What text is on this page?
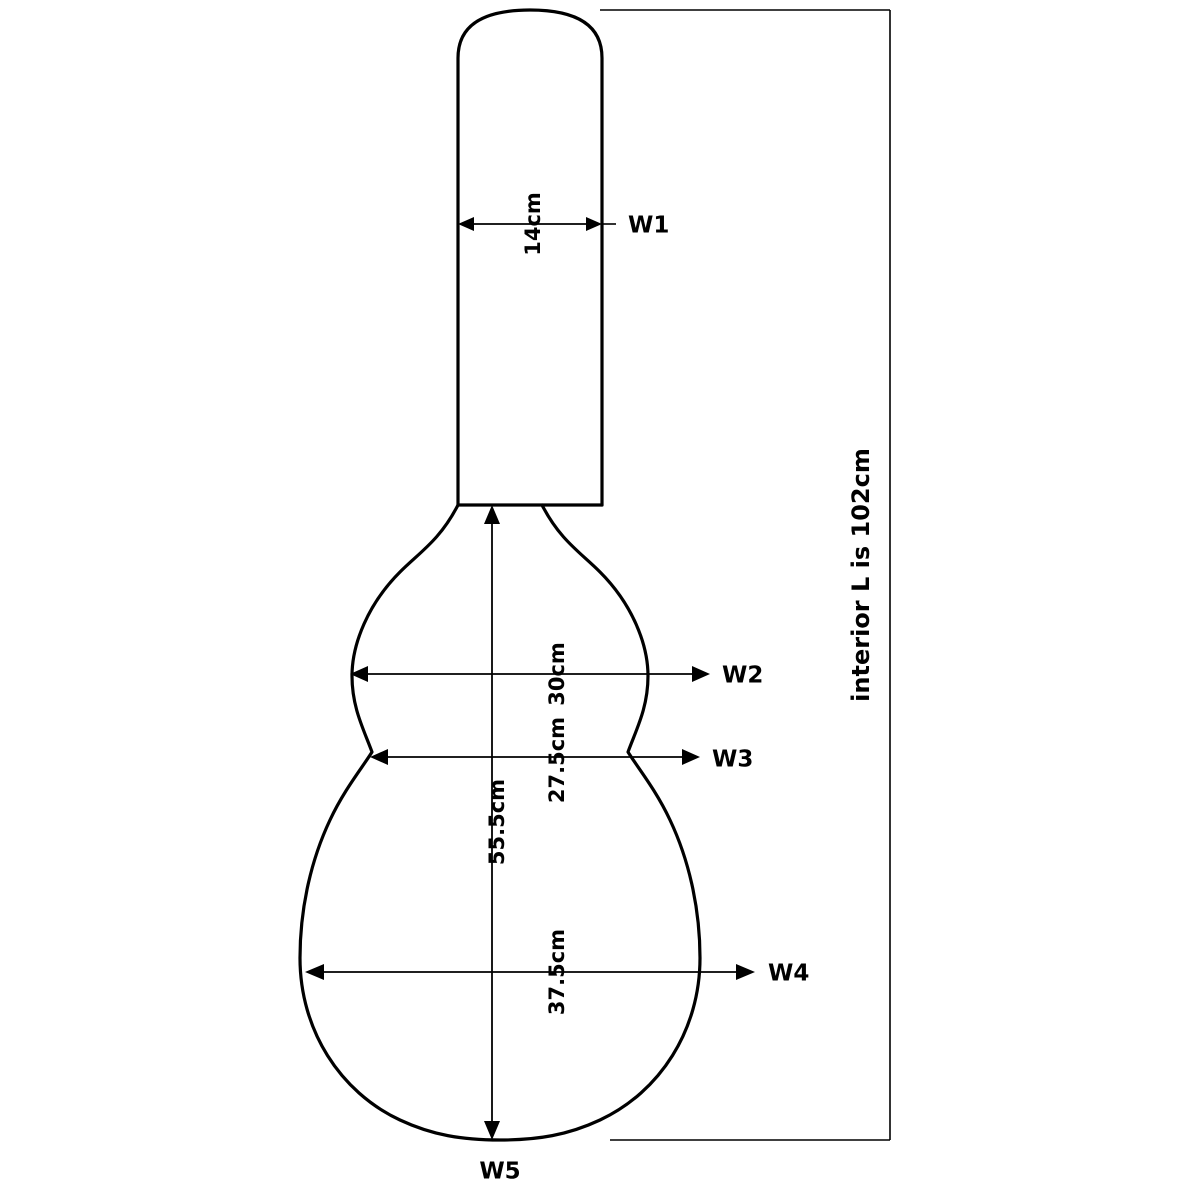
14cm	W1
30cm	W2
27.5cm	W3
37.5cm	W4
55.5cm
W5
interior L is 102cm
